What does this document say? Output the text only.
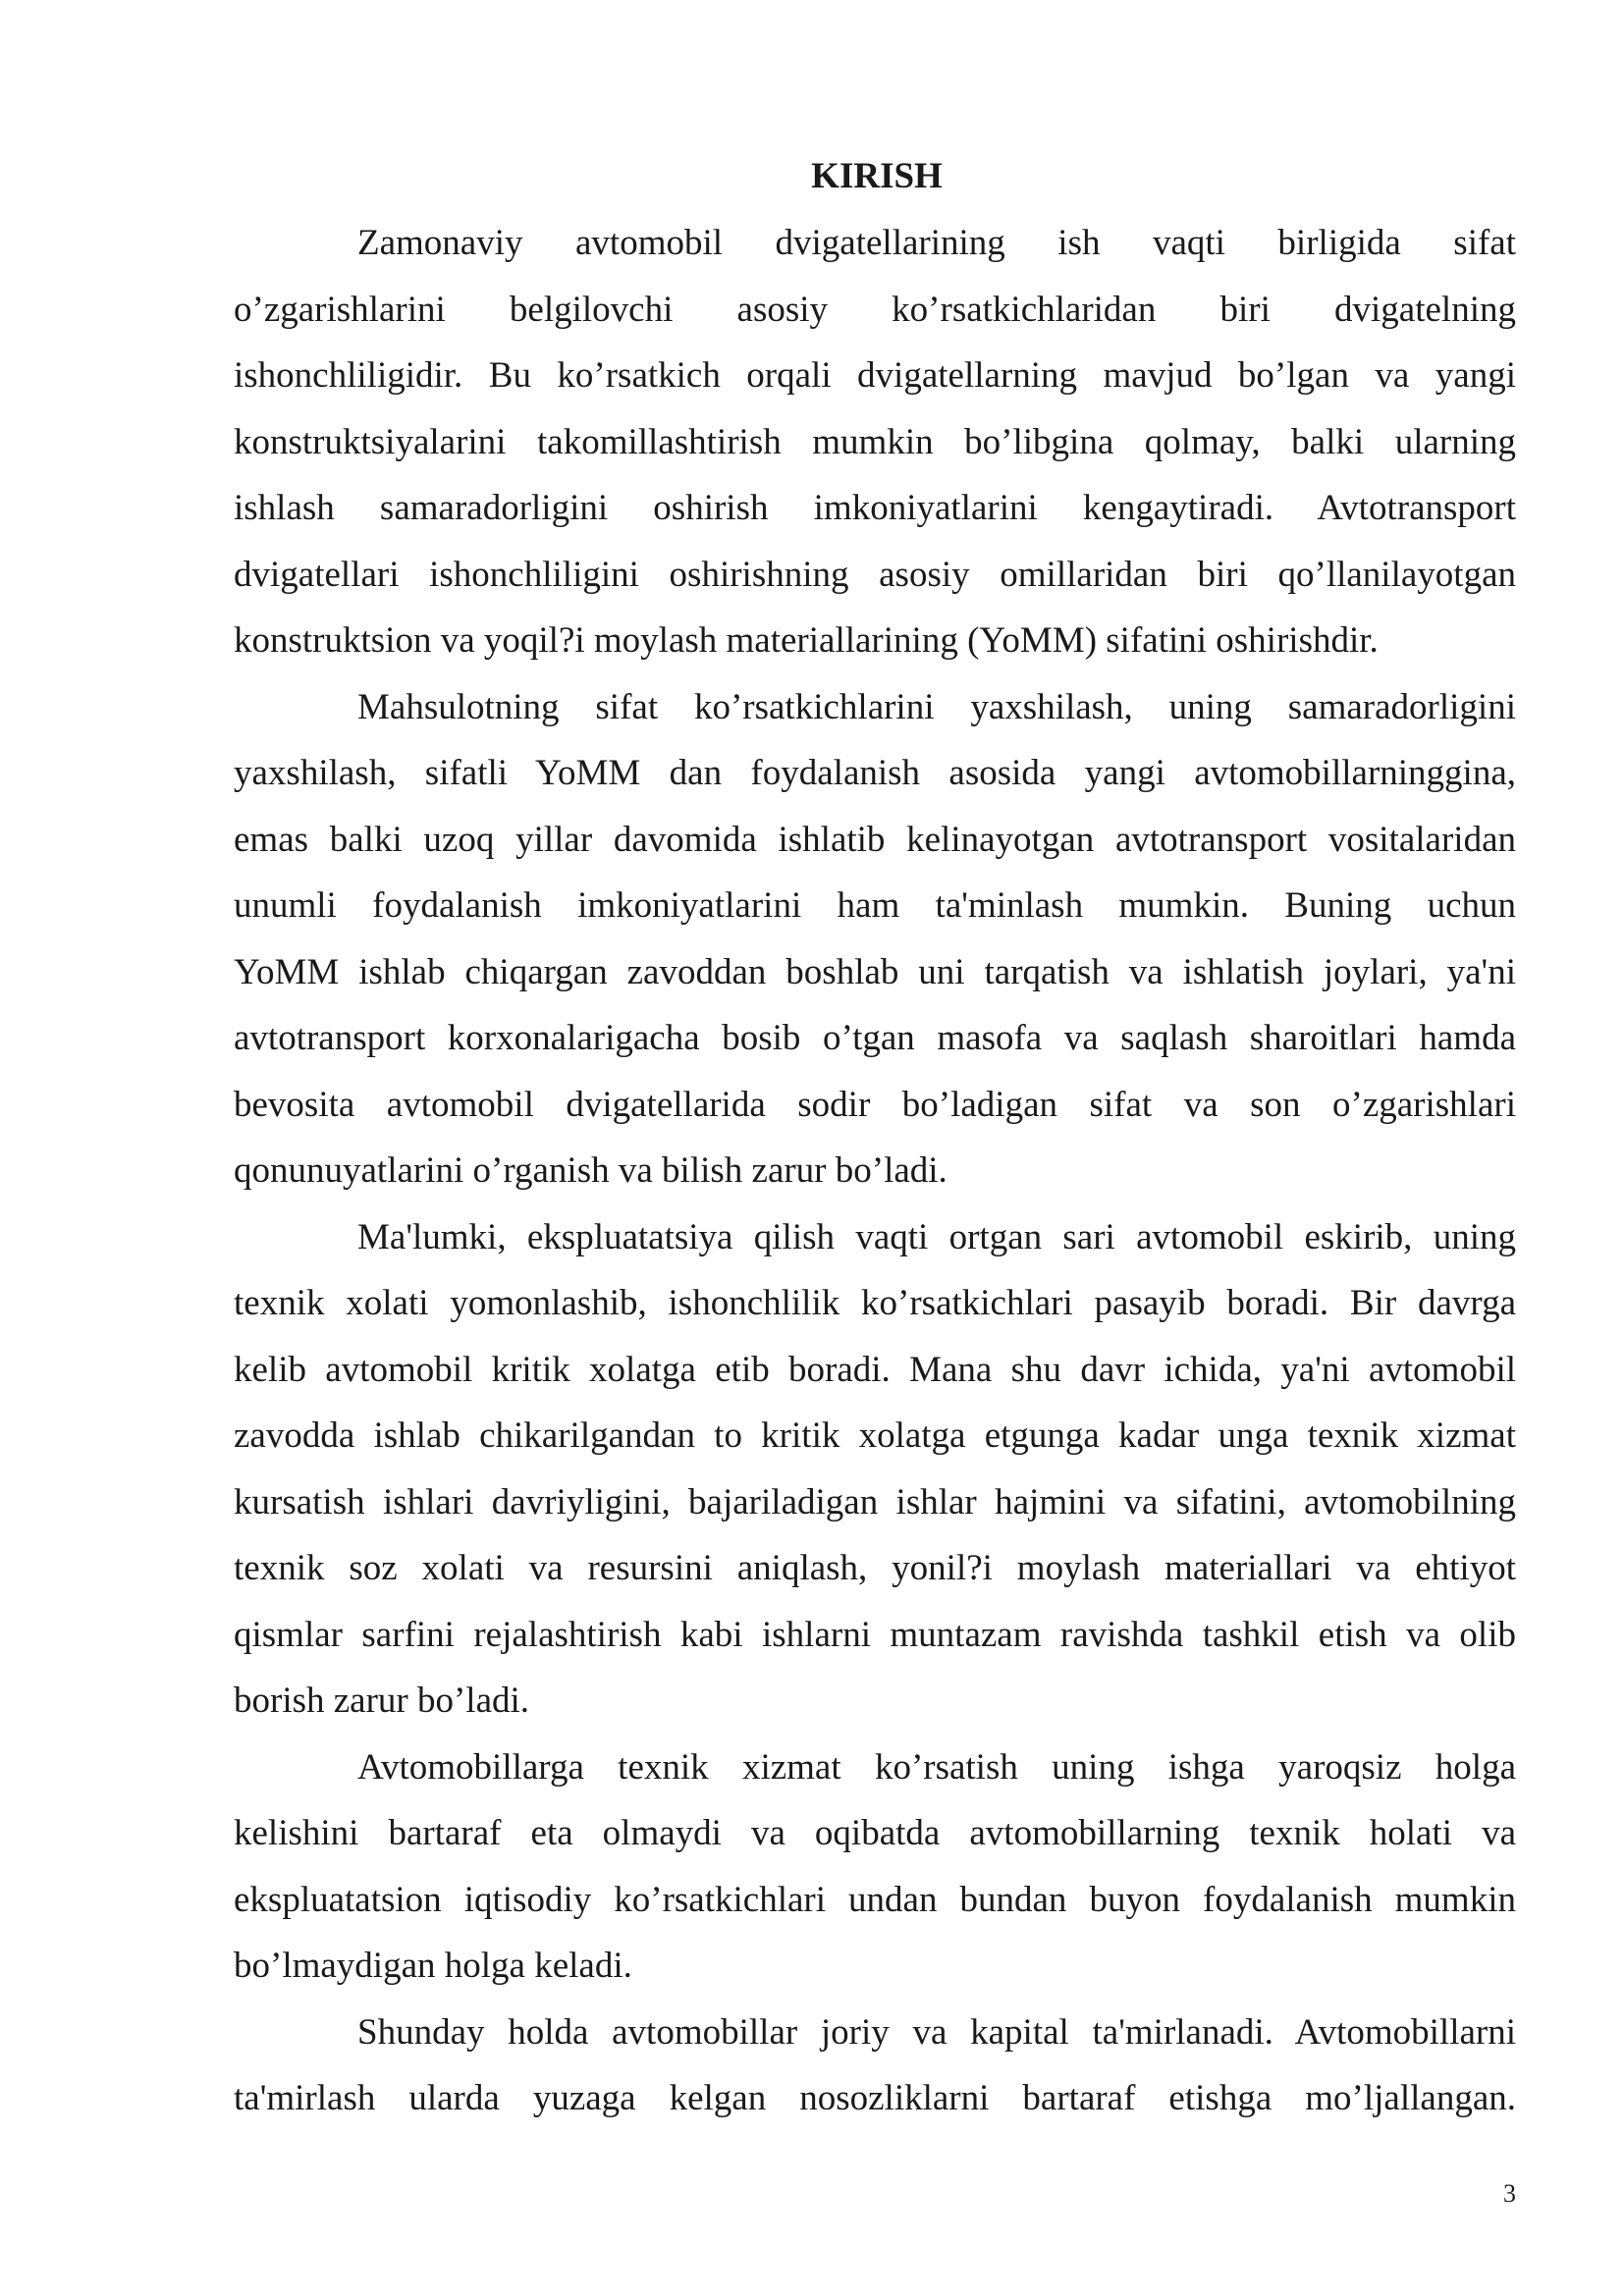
KIRISH
Zamonaviy avtomobil dvigatellarining ish vaqti birligida sifat
o’zgarishlarini belgilovchi asosiy ko’rsatkichlaridan biri dvigatelning
ishonchliligidir. Bu ko’rsatkich orqali dvigatellarning mavjud bo’lgan va yangi
konstruktsiyalarini takomillashtirish mumkin bo’libgina qolmay, balki ularning
ishlash samaradorligini oshirish imkoniyatlarini kengaytiradi. Avtotransport
dvigatellari ishonchliligini oshirishning asosiy omillaridan biri qo’llanilayotgan
konstruktsion va yoqil?i moylash materiallarining (YoMM) sifatini oshirishdir.
Mahsulotning sifat ko’rsatkichlarini yaxshilash, uning samaradorligini
yaxshilash, sifatli YoMM dan foydalanish asosida yangi avtomobillarninggina,
emas balki uzoq yillar davomida ishlatib kelinayotgan avtotransport vositalaridan
unumli foydalanish imkoniyatlarini ham ta'minlash mumkin. Buning uchun
YoMM ishlab chiqargan zavoddan boshlab uni tarqatish va ishlatish joylari, ya'ni
avtotransport korxonalarigacha bosib o’tgan masofa va saqlash sharoitlari hamda
bevosita avtomobil dvigatellarida sodir bo’ladigan sifat va son o’zgarishlari
qonunuyatlarini o’rganish va bilish zarur bo’ladi.
Ma'lumki, ekspluatatsiya qilish vaqti ortgan sari avtomobil eskirib, uning
texnik xolati yomonlashib, ishonchlilik ko’rsatkichlari pasayib boradi. Bir davrga
kelib avtomobil kritik xolatga etib boradi. Mana shu davr ichida, ya'ni avtomobil
zavodda ishlab chikarilgandan to kritik xolatga etgunga kadar unga texnik xizmat
kursatish ishlari davriyligini, bajariladigan ishlar hajmini va sifatini, avtomobilning
texnik soz xolati va resursini aniqlash, yonil?i moylash materiallari va ehtiyot
qismlar sarfini rejalashtirish kabi ishlarni muntazam ravishda tashkil etish va olib
borish zarur bo’ladi.
Avtomobillarga texnik xizmat ko’rsatish uning ishga yaroqsiz holga
kelishini bartaraf eta olmaydi va oqibatda avtomobillarning texnik holati va
ekspluatatsion iqtisodiy ko’rsatkichlari undan bundan buyon foydalanish mumkin
bo’lmaydigan holga keladi.
Shunday holda avtomobillar joriy va kapital ta'mirlanadi. Avtomobillarni
ta'mirlash ularda yuzaga kelgan nosozliklarni bartaraf etishga mo’ljallangan.
3
